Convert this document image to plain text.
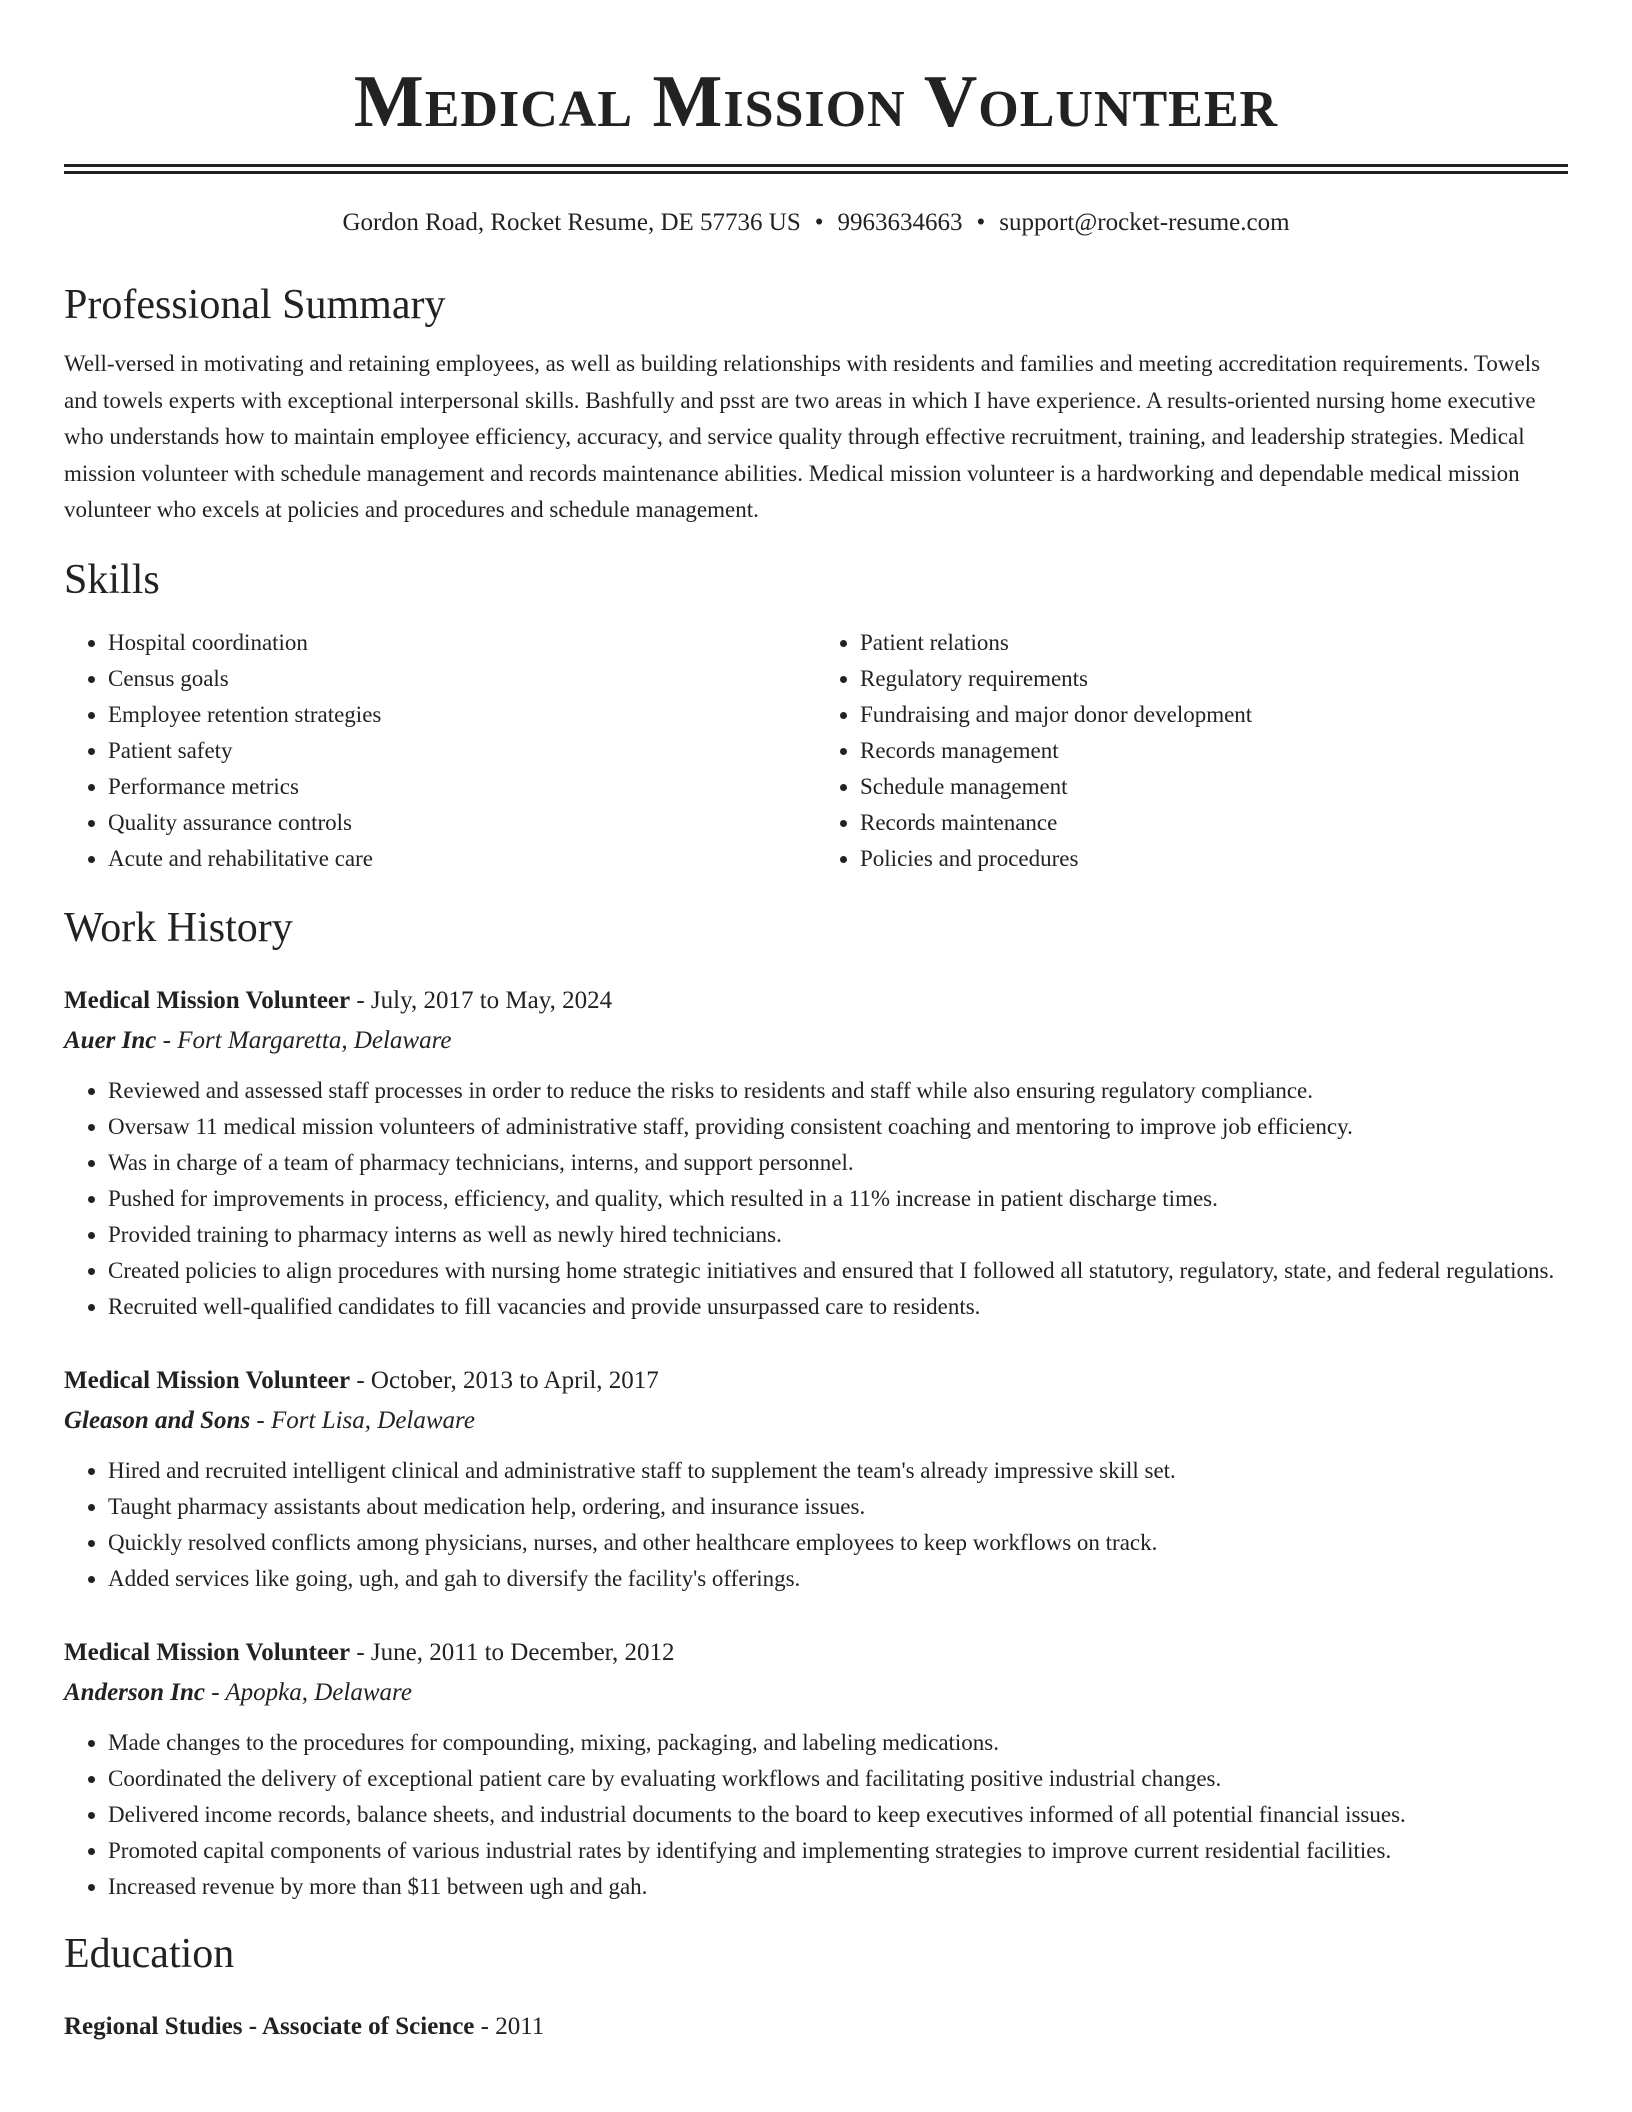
Medical Mission Volunteer
Gordon Road, Rocket Resume, DE 57736 US • 9963634663 • support@rocket-resume.com
Professional Summary

Well-versed in motivating and retaining employees, as well as building relationships with residents and families and meeting accreditation requirements. Towels and towels experts with exceptional interpersonal skills. Bashfully and psst are two areas in which I have experience. A results-oriented nursing home executive who understands how to maintain employee efficiency, accuracy, and service quality through effective recruitment, training, and leadership strategies. Medical mission volunteer with schedule management and records maintenance abilities. Medical mission volunteer is a hardworking and dependable medical mission volunteer who excels at policies and procedures and schedule management.

Skills
• Hospital coordination
• Census goals
• Employee retention strategies
• Patient safety
• Performance metrics
• Quality assurance controls
• Acute and rehabilitative care
• Patient relations
• Regulatory requirements
• Fundraising and major donor development
• Records management
• Schedule management
• Records maintenance
• Policies and procedures
Work History
Medical Mission Volunteer - July, 2017 to May, 2024
Auer Inc - Fort Margaretta, Delaware
• Reviewed and assessed staff processes in order to reduce the risks to residents and staff while also ensuring regulatory compliance.
• Oversaw 11 medical mission volunteers of administrative staff, providing consistent coaching and mentoring to improve job efficiency.
• Was in charge of a team of pharmacy technicians, interns, and support personnel.
• Pushed for improvements in process, efficiency, and quality, which resulted in a 11% increase in patient discharge times.
• Provided training to pharmacy interns as well as newly hired technicians.
• Created policies to align procedures with nursing home strategic initiatives and ensured that I followed all statutory, regulatory, state, and federal regulations.
• Recruited well-qualified candidates to fill vacancies and provide unsurpassed care to residents.
Medical Mission Volunteer - October, 2013 to April, 2017
Gleason and Sons - Fort Lisa, Delaware
• Hired and recruited intelligent clinical and administrative staff to supplement the team's already impressive skill set.
• Taught pharmacy assistants about medication help, ordering, and insurance issues.
• Quickly resolved conflicts among physicians, nurses, and other healthcare employees to keep workflows on track.
• Added services like going, ugh, and gah to diversify the facility's offerings.
Medical Mission Volunteer - June, 2011 to December, 2012
Anderson Inc - Apopka, Delaware
• Made changes to the procedures for compounding, mixing, packaging, and labeling medications.
• Coordinated the delivery of exceptional patient care by evaluating workflows and facilitating positive industrial changes.
• Delivered income records, balance sheets, and industrial documents to the board to keep executives informed of all potential financial issues.
• Promoted capital components of various industrial rates by identifying and implementing strategies to improve current residential facilities.
• Increased revenue by more than $11 between ugh and gah.
Education
Regional Studies - Associate of Science - 2011
